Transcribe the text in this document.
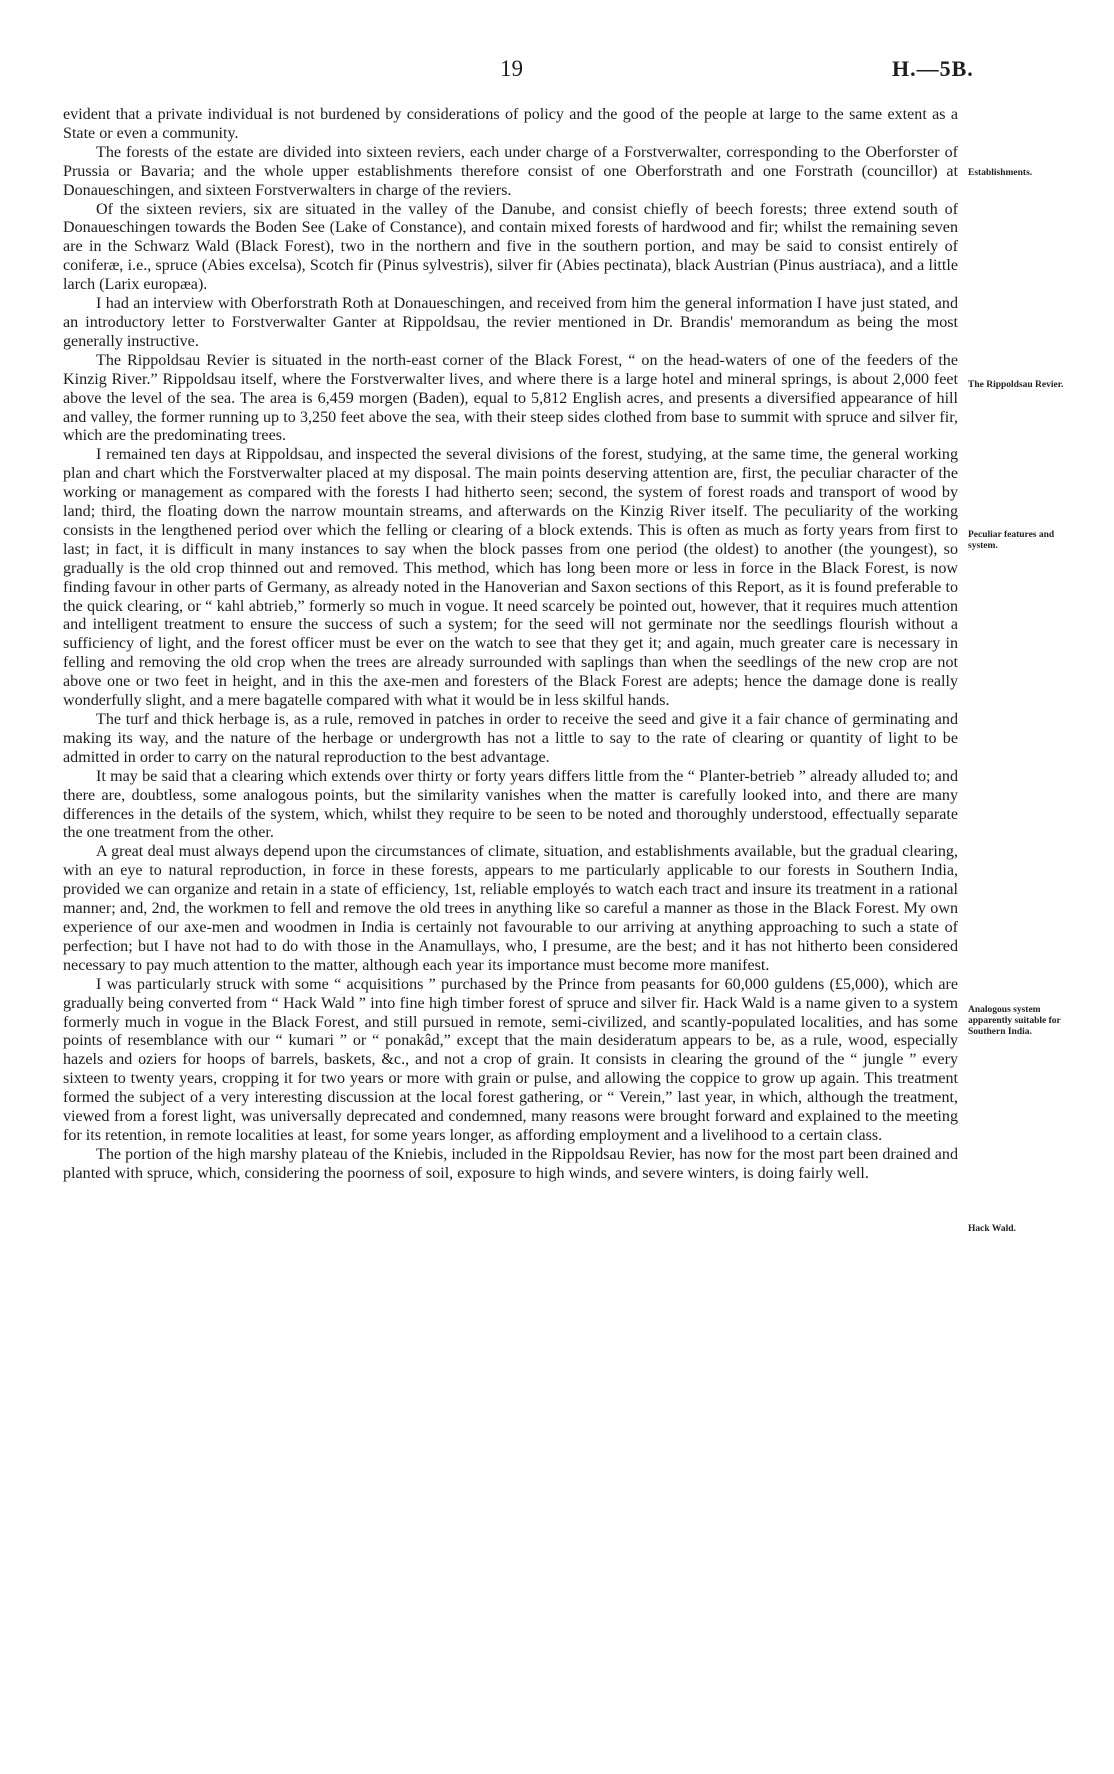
19	H.—5B.

evident that a private individual is not burdened by considerations of policy and the good of the people at large to the same extent as a State or even a community.

The forests of the estate are divided into sixteen reviers, each under charge of a Forstverwalter, corresponding to the Oberforster of Prussia or Bavaria; and the whole upper establishments therefore consist of one Oberforstrath and one Forstrath (councillor) at Donaueschingen, and sixteen Forstverwalters in charge of the reviers.

Of the sixteen reviers, six are situated in the valley of the Danube, and consist chiefly of beech forests; three extend south of Donaueschingen towards the Boden See (Lake of Constance), and contain mixed forests of hardwood and fir; whilst the remaining seven are in the Schwarz Wald (Black Forest), two in the northern and five in the southern portion, and may be said to consist entirely of coniferæ, i.e., spruce (Abies excelsa), Scotch fir (Pinus sylvestris), silver fir (Abies pectinata), black Austrian (Pinus austriaca), and a little larch (Larix europæa).

I had an interview with Oberforstrath Roth at Donaueschingen, and received from him the general information I have just stated, and an introductory letter to Forstverwalter Ganter at Rippoldsau, the revier mentioned in Dr. Brandis' memorandum as being the most generally instructive.

The Rippoldsau Revier is situated in the north-east corner of the Black Forest, “ on the head-waters of one of the feeders of the Kinzig River.” Rippoldsau itself, where the Forstverwalter lives, and where there is a large hotel and mineral springs, is about 2,000 feet above the level of the sea. The area is 6,459 morgen (Baden), equal to 5,812 English acres, and presents a diversified appearance of hill and valley, the former running up to 3,250 feet above the sea, with their steep sides clothed from base to summit with spruce and silver fir, which are the predominating trees.

I remained ten days at Rippoldsau, and inspected the several divisions of the forest, studying, at the same time, the general working plan and chart which the Forstverwalter placed at my disposal. The main points deserving attention are, first, the peculiar character of the working or management as compared with the forests I had hitherto seen; second, the system of forest roads and transport of wood by land; third, the floating down the narrow mountain streams, and afterwards on the Kinzig River itself. The peculiarity of the working consists in the lengthened period over which the felling or clearing of a block extends. This is often as much as forty years from first to last; in fact, it is difficult in many instances to say when the block passes from one period (the oldest) to another (the youngest), so gradually is the old crop thinned out and removed. This method, which has long been more or less in force in the Black Forest, is now finding favour in other parts of Germany, as already noted in the Hanoverian and Saxon sections of this Report, as it is found preferable to the quick clearing, or “ kahl abtrieb,” formerly so much in vogue. It need scarcely be pointed out, however, that it requires much attention and intelligent treatment to ensure the success of such a system; for the seed will not germinate nor the seedlings flourish without a sufficiency of light, and the forest officer must be ever on the watch to see that they get it; and again, much greater care is necessary in felling and removing the old crop when the trees are already surrounded with saplings than when the seedlings of the new crop are not above one or two feet in height, and in this the axe-men and foresters of the Black Forest are adepts; hence the damage done is really wonderfully slight, and a mere bagatelle compared with what it would be in less skilful hands.

The turf and thick herbage is, as a rule, removed in patches in order to receive the seed and give it a fair chance of germinating and making its way, and the nature of the herbage or undergrowth has not a little to say to the rate of clearing or quantity of light to be admitted in order to carry on the natural reproduction to the best advantage.

It may be said that a clearing which extends over thirty or forty years differs little from the “ Planter-betrieb ” already alluded to; and there are, doubtless, some analogous points, but the similarity vanishes when the matter is carefully looked into, and there are many differences in the details of the system, which, whilst they require to be seen to be noted and thoroughly understood, effectually separate the one treatment from the other.

A great deal must always depend upon the circumstances of climate, situation, and establishments available, but the gradual clearing, with an eye to natural reproduction, in force in these forests, appears to me particularly applicable to our forests in Southern India, provided we can organize and retain in a state of efficiency, 1st, reliable employés to watch each tract and insure its treatment in a rational manner; and, 2nd, the workmen to fell and remove the old trees in anything like so careful a manner as those in the Black Forest. My own experience of our axe-men and woodmen in India is certainly not favourable to our arriving at anything approaching to such a state of perfection; but I have not had to do with those in the Anamullays, who, I presume, are the best; and it has not hitherto been considered necessary to pay much attention to the matter, although each year its importance must become more manifest.

I was particularly struck with some “ acquisitions ” purchased by the Prince from peasants for 60,000 guldens (£5,000), which are gradually being converted from “ Hack Wald ” into fine high timber forest of spruce and silver fir. Hack Wald is a name given to a system formerly much in vogue in the Black Forest, and still pursued in remote, semi-civilized, and scantly-populated localities, and has some points of resemblance with our “ kumari ” or “ ponakâd,” except that the main desideratum appears to be, as a rule, wood, especially hazels and oziers for hoops of barrels, baskets, &c., and not a crop of grain. It consists in clearing the ground of the “ jungle ” every sixteen to twenty years, cropping it for two years or more with grain or pulse, and allowing the coppice to grow up again. This treatment formed the subject of a very interesting discussion at the local forest gathering, or “ Verein,” last year, in which, although the treatment, viewed from a forest light, was universally deprecated and condemned, many reasons were brought forward and explained to the meeting for its retention, in remote localities at least, for some years longer, as affording employment and a livelihood to a certain class.

The portion of the high marshy plateau of the Kniebis, included in the Rippoldsau Revier, has now for the most part been drained and planted with spruce, which, considering the poorness of soil, exposure to high winds, and severe winters, is doing fairly well.

Establishments.
The Rippoldsau Revier.
Peculiar features and system.
Analogous system apparently suitable for Southern India.
Hack Wald.
